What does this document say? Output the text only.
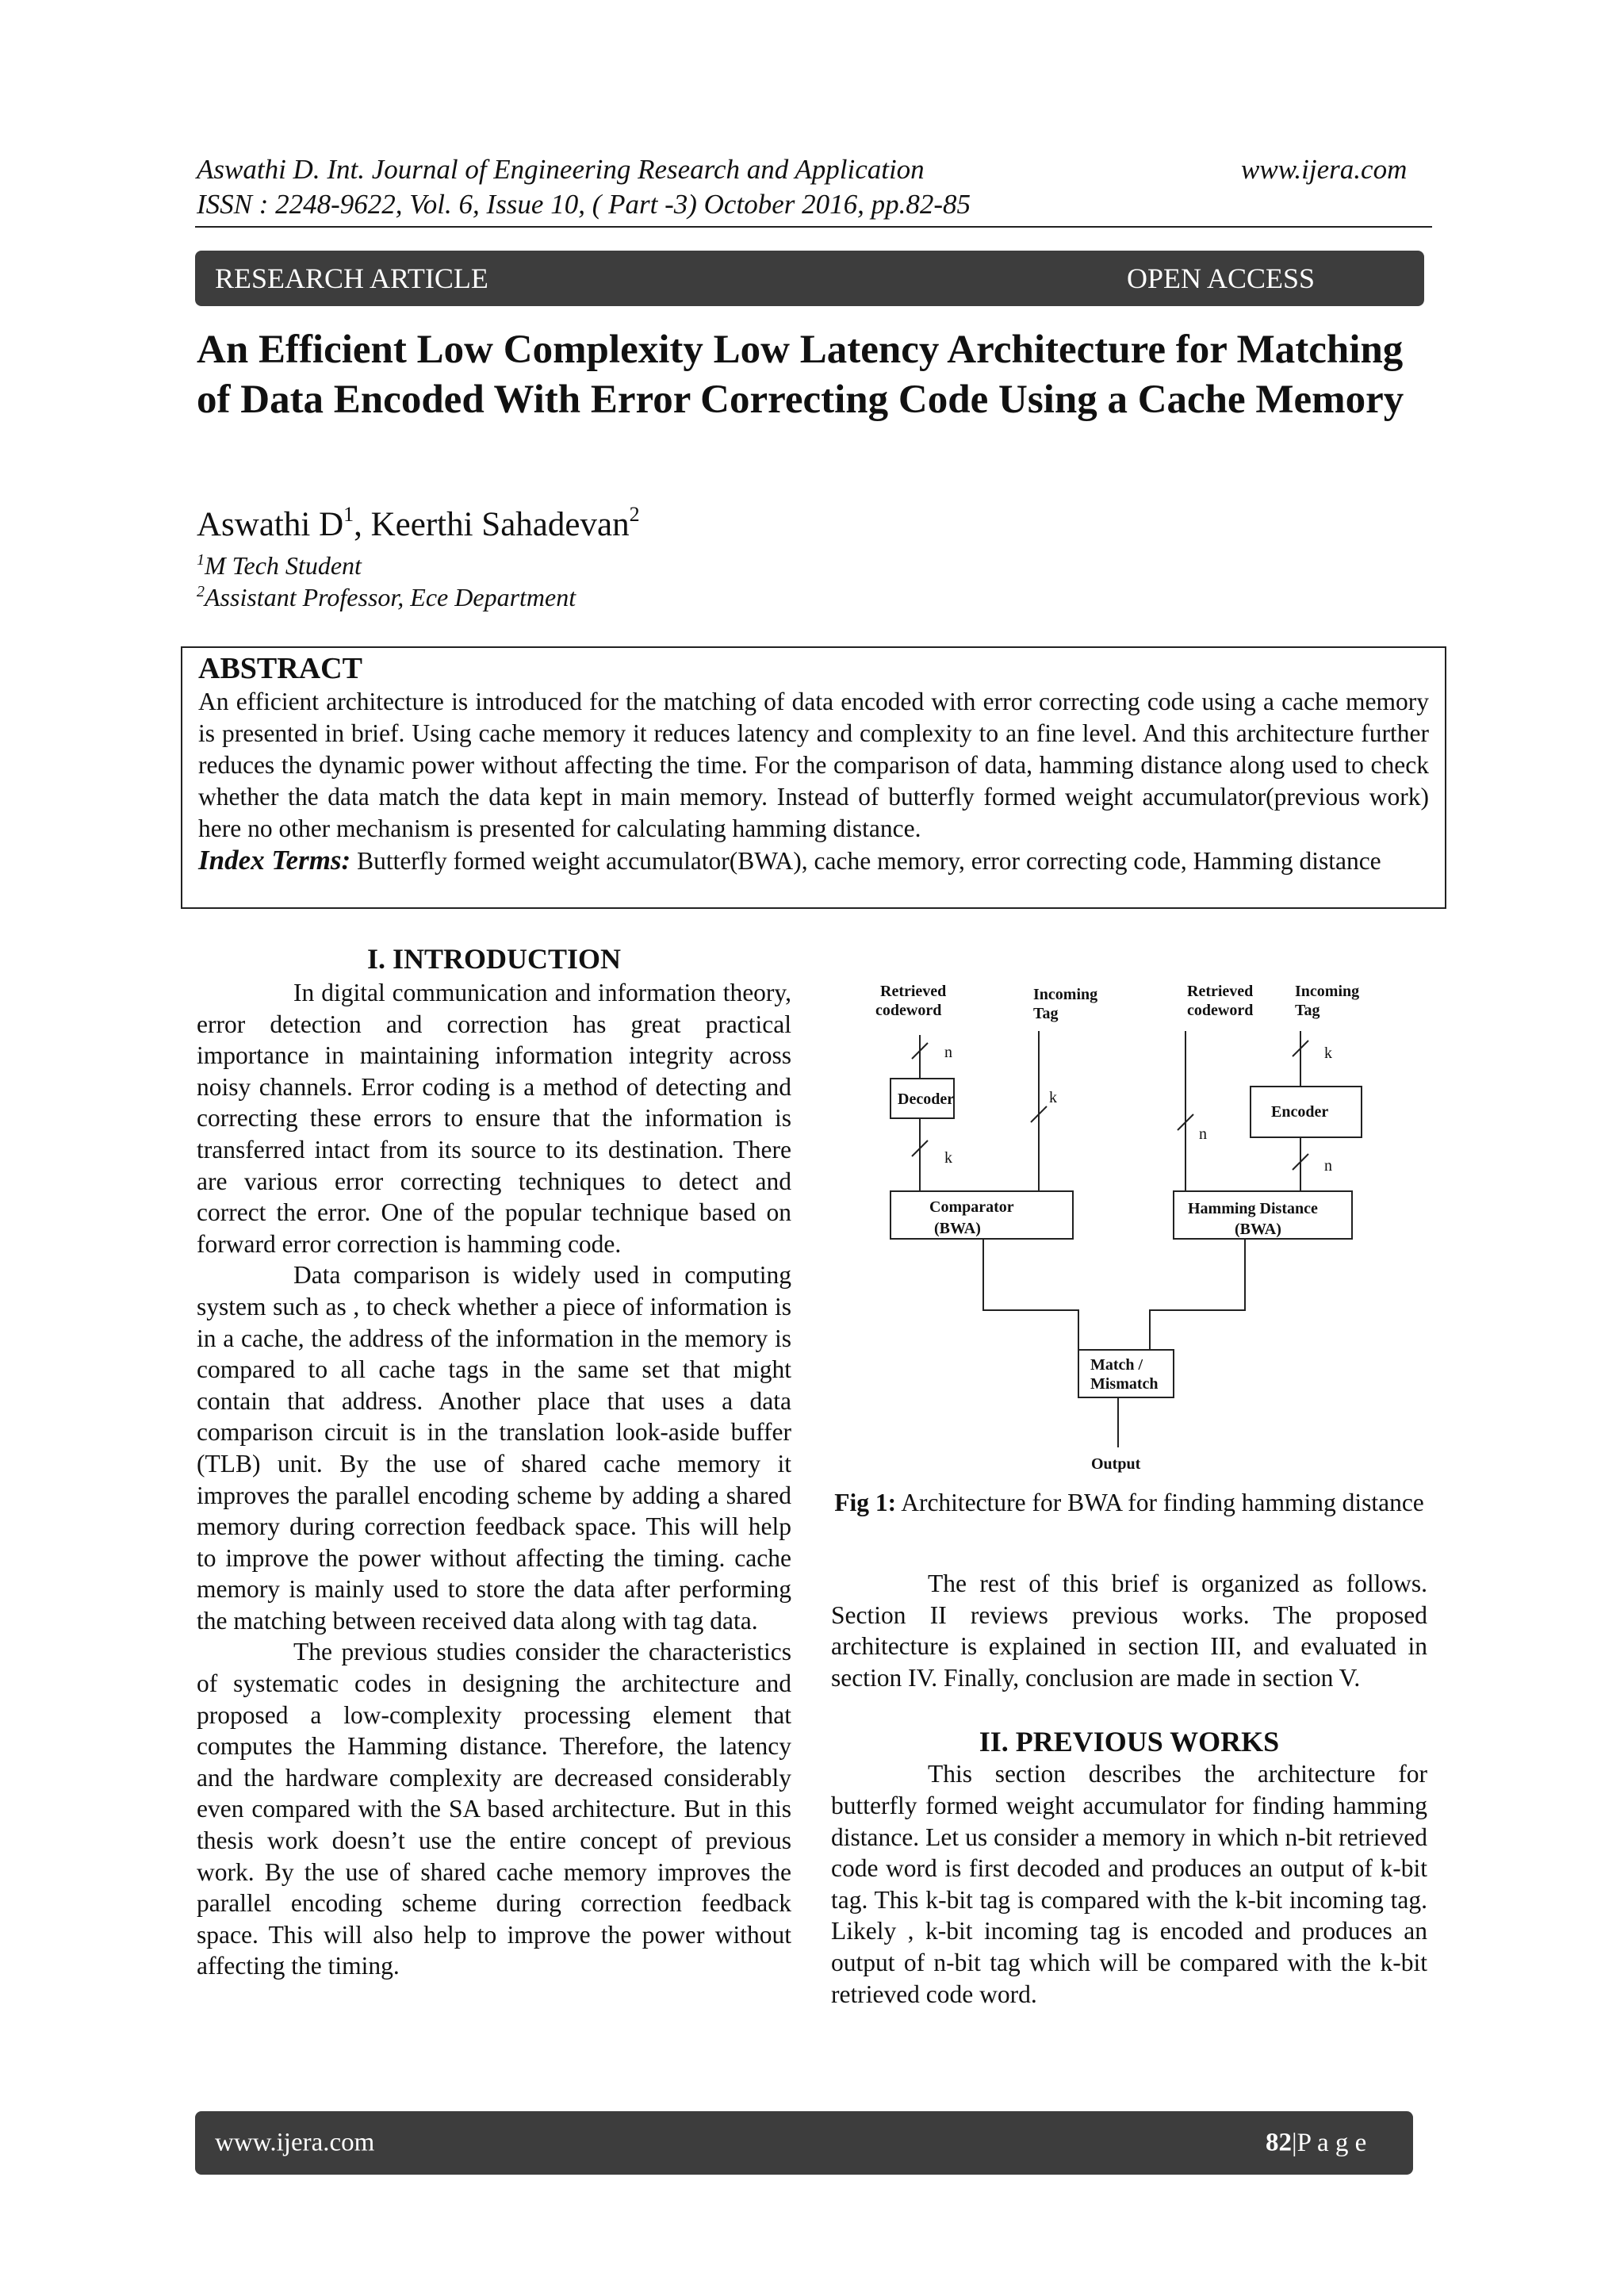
Aswathi D. Int. Journal of Engineering Research and Application	www.ijera.com
ISSN : 2248-9622, Vol. 6, Issue 10, ( Part -3) October 2016, pp.82-85
RESEARCH ARTICLE	OPEN ACCESS
An Efficient Low Complexity Low Latency Architecture for Matching of Data Encoded With Error Correcting Code Using a Cache Memory
Aswathi $D^1$, Keerthi Sahadevan$^2$
$^1$M Tech Student
$^2$Assistant Professor, Ece Department
ABSTRACT
An efficient architecture is introduced for the matching of data encoded with error correcting code using a cache memory is presented in brief. Using cache memory it reduces latency and complexity to an fine level. And this architecture further reduces the dynamic power without affecting the time. For the comparison of data, hamming distance along used to check whether the data match the data kept in main memory. Instead of butterfly formed weight accumulator(previous work) here no other mechanism is presented for calculating hamming distance.
Index Terms: Butterfly formed weight accumulator(BWA), cache memory, error correcting code, Hamming distance
I. INTRODUCTION

In digital communication and information theory, error detection and correction has great practical importance in maintaining information integrity across noisy channels. Error coding is a method of detecting and correcting these errors to ensure that the information is transferred intact from its source to its destination. There are various error correcting techniques to detect and correct the error. One of the popular technique based on forward error correction is hamming code.

Data comparison is widely used in computing system such as , to check whether a piece of information is in a cache, the address of the information in the memory is compared to all cache tags in the same set that might contain that address. Another place that uses a data comparison circuit is in the translation look-aside buffer (TLB) unit. By the use of shared cache memory it improves the parallel encoding scheme by adding a shared memory during correction feedback space. This will help to improve the power without affecting the timing. cache memory is mainly used to store the data after performing the matching between received data along with tag data.

The previous studies consider the characteristics of systematic codes in designing the architecture and proposed a low-complexity processing element that computes the Hamming distance. Therefore, the latency and the hardware complexity are decreased considerably even compared with the SA based architecture. But in this thesis work doesn’t use the entire concept of previous work. By the use of shared cache memory improves the parallel encoding scheme during correction feedback space. This will also help to improve the power without affecting the timing.

Retrieved
codeword
Incoming
Tag
Retrieved
codeword
Incoming
Tag
Decoder
Encoder
Comparator
(BWA)
Hamming Distance
(BWA)
Match /
Mismatch
Output
n
k
k
n
k
n
Fig 1: Architecture for BWA for finding hamming distance

The rest of this brief is organized as follows. Section II reviews previous works. The proposed architecture is explained in section III, and evaluated in section IV. Finally, conclusion are made in section V.

II. PREVIOUS WORKS

This section describes the architecture for butterfly formed weight accumulator for finding hamming distance. Let us consider a memory in which n-bit retrieved code word is first decoded and produces an output of k-bit tag. This k-bit tag is compared with the k-bit incoming tag. Likely , k-bit incoming tag is encoded and produces an output of n-bit tag which will be compared with the k-bit retrieved code word.

www.ijera.com	82 |P a g e
